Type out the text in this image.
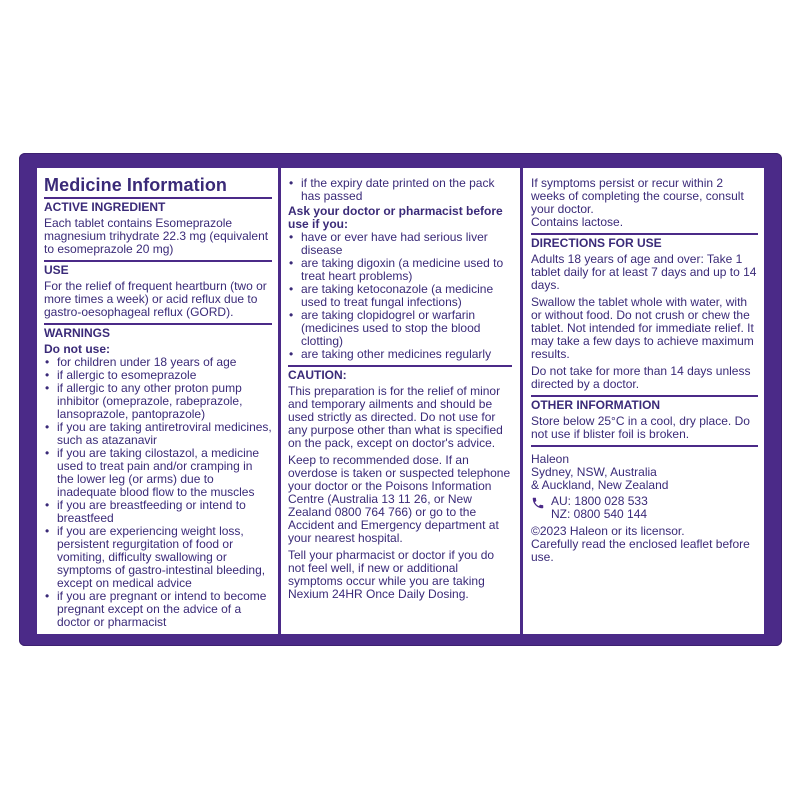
Medicine Information
ACTIVE INGREDIENT
Each tablet contains Esomeprazole magnesium trihydrate 22.3 mg (equivalent to esomeprazole 20 mg)
USE
For the relief of frequent heartburn (two or more times a week) or acid reflux due to gastro-oesophageal reflux (GORD).
WARNINGS
Do not use:
• for children under 18 years of age
• if allergic to esomeprazole
• if allergic to any other proton pump inhibitor (omeprazole, rabeprazole, lansoprazole, pantoprazole)
• if you are taking antiretroviral medicines, such as atazanavir
• if you are taking cilostazol, a medicine used to treat pain and/or cramping in the lower leg (or arms) due to inadequate blood flow to the muscles
• if you are breastfeeding or intend to breastfeed
• if you are experiencing weight loss, persistent regurgitation of food or vomiting, difficulty swallowing or symptoms of gastro-intestinal bleeding, except on medical advice
• if you are pregnant or intend to become pregnant except on the advice of a doctor or pharmacist
• if the expiry date printed on the pack has passed
Ask your doctor or pharmacist before use if you:
• have or ever have had serious liver disease
• are taking digoxin (a medicine used to treat heart problems)
• are taking ketoconazole (a medicine used to treat fungal infections)
• are taking clopidogrel or warfarin (medicines used to stop the blood clotting)
• are taking other medicines regularly
CAUTION:
This preparation is for the relief of minor and temporary ailments and should be used strictly as directed. Do not use for any purpose other than what is specified on the pack, except on doctor's advice.
Keep to recommended dose. If an overdose is taken or suspected telephone your doctor or the Poisons Information Centre (Australia 13 11 26, or New Zealand 0800 764 766) or go to the Accident and Emergency department at your nearest hospital.
Tell your pharmacist or doctor if you do not feel well, if new or additional symptoms occur while you are taking Nexium 24HR Once Daily Dosing.
If symptoms persist or recur within 2 weeks of completing the course, consult your doctor.
Contains lactose.
DIRECTIONS FOR USE
Adults 18 years of age and over: Take 1 tablet daily for at least 7 days and up to 14 days.
Swallow the tablet whole with water, with or without food. Do not crush or chew the tablet. Not intended for immediate relief. It may take a few days to achieve maximum results.
Do not take for more than 14 days unless directed by a doctor.
OTHER INFORMATION
Store below 25°C in a cool, dry place. Do not use if blister foil is broken.
Haleon
Sydney, NSW, Australia
& Auckland, New Zealand
AU: 1800 028 533
NZ: 0800 540 144
©2023 Haleon or its licensor.
Carefully read the enclosed leaflet before use.
